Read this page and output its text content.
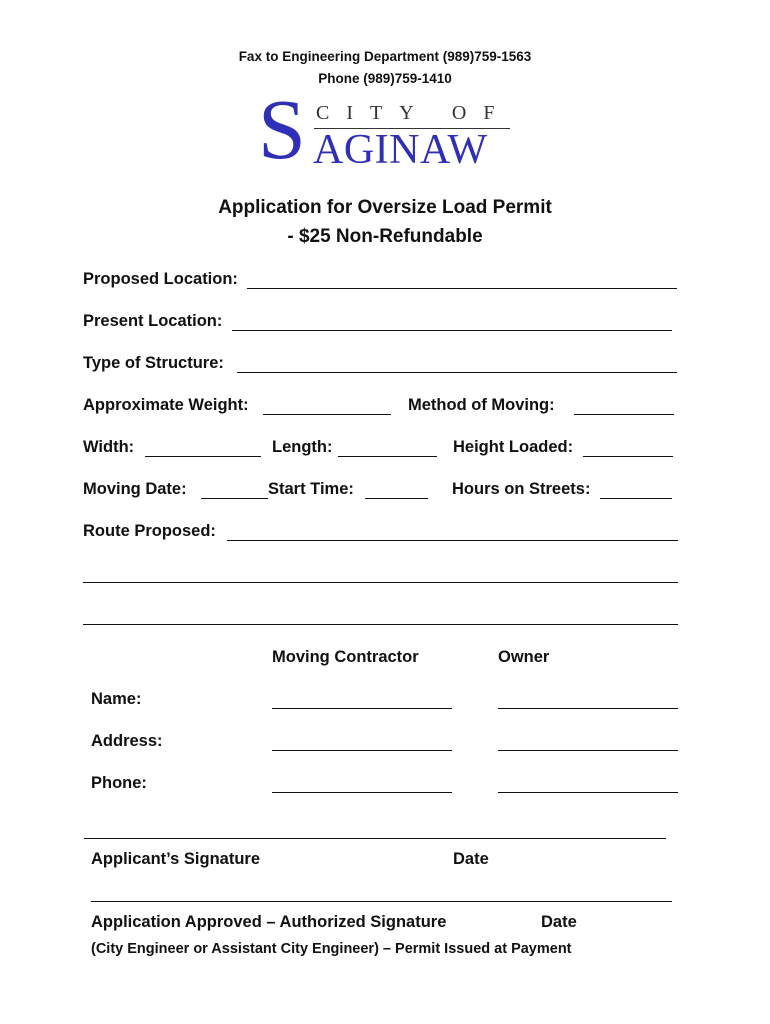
Fax to Engineering Department (989)759-1563
Phone (989)759-1410
S CITY OF
AGINAW
Application for Oversize Load Permit
- $25 Non-Refundable
Proposed Location:
Present Location:
Type of Structure:
Approximate Weight:	Method of Moving:
Width:	Length:	Height Loaded:
Moving Date:	Start Time:	Hours on Streets:
Route Proposed:
Moving Contractor	Owner
Name:
Address:
Phone:
Applicant’s Signature	Date
Application Approved – Authorized Signature	Date
(City Engineer or Assistant City Engineer) – Permit Issued at Payment
